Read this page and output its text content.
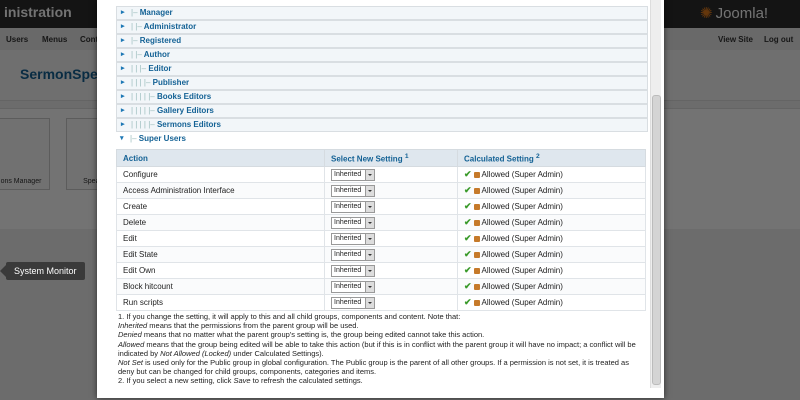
System Monitor
▸ |– Manager
▸ | |– Administrator
▸ |– Registered
▸ | |– Author
▸ | | |– Editor
▸ | | | |– Publisher
▸ | | | | |– Books Editors
▸ | | | | |– Gallery Editors
▸ | | | | |– Sermons Editors
▾ |– Super Users
Action	Select New Setting $^1$	Calculated Setting $^2$
Configure	Inherited	✔ Allowed (Super Admin)
Access Administration Interface	Inherited	✔ Allowed (Super Admin)
Create	Inherited	✔ Allowed (Super Admin)
Delete	Inherited	✔ Allowed (Super Admin)
Edit	Inherited	✔ Allowed (Super Admin)
Edit State	Inherited	✔ Allowed (Super Admin)
Edit Own	Inherited	✔ Allowed (Super Admin)
Block hitcount	Inherited	✔ Allowed (Super Admin)
Run scripts	Inherited	✔ Allowed (Super Admin)

1. If you change the setting, it will apply to this and all child groups, components and content. Note that:

Inherited means that the permissions from the parent group will be used.

Denied means that no matter what the parent group's setting is, the group being edited cannot take this action.

Allowed means that the group being edited will be able to take this action (but if this is in conflict with the parent group it will have no impact; a conflict will be indicated by Not Allowed (Locked) under Calculated Settings).

Not Set is used only for the Public group in global configuration. The Public group is the parent of all other groups. If a permission is not set, it is treated as deny but can be changed for child groups, components, categories and items.

2. If you select a new setting, click Save to refresh the calculated settings.
